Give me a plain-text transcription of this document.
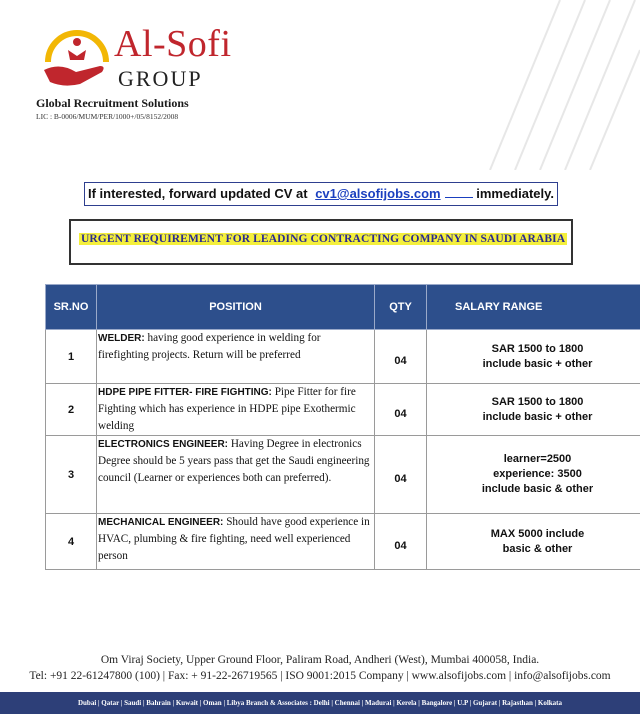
Al-Sofi
GROUP
Global Recruitment Solutions
LIC : B-0006/MUM/PER/1000+/05/8152/2008
If interested, forward updated CV at cv1@alsofijobs.com	immediately.
URGENT REQUIREMENT FOR LEADING CONTRACTING COMPANY IN SAUDI ARABIA
SR.NO	POSITION	QTY	SALARY RANGE
1	WELDER: having good experience in welding for firefighting projects. Return will be preferred	04	SAR 1500 to 1800
include basic + other

2	HDPE PIPE FITTER- FIRE FIGHTING: Pipe Fitter for fire Fighting which has experience in HDPE pipe Exothermic welding	04	SAR 1500 to 1800
include basic + other

3	ELECTRONICS ENGINEER: Having Degree in electronics Degree should be 5 years pass that get the Saudi engineering council (Learner or experiences both can preferred).	04	learner=2500
experience: 3500
include basic & other

4	MECHANICAL ENGINEER: Should have good experience in HVAC, plumbing & fire fighting, need well experienced person	04	MAX 5000 include
basic & other
Om Viraj Society, Upper Ground Floor, Paliram Road, Andheri (West), Mumbai 400058, India.
Tel: +91 22-61247800 (100) | Fax: + 91-22-26719565 | ISO 9001:2015 Company | www.alsofijobs.com | info@alsofijobs.com
Dubai | Qatar | Saudi | Bahrain | Kuwait | Oman | Libya Branch & Associates : Delhi | Chennai | Madurai | Kerela | Bangalore | U.P | Gujarat | Rajasthan | Kolkata
